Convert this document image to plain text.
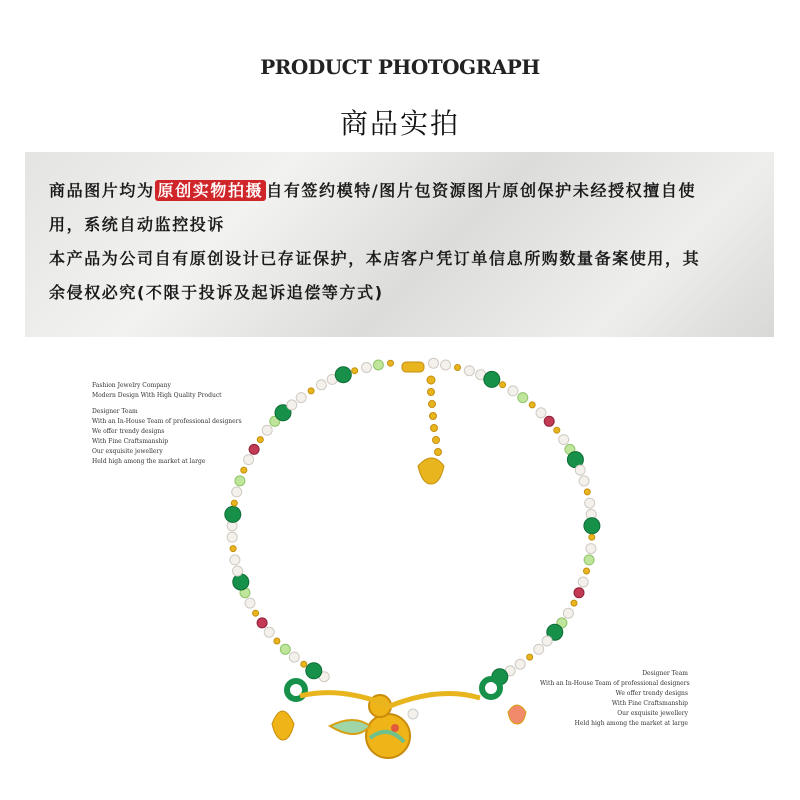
PRODUCT PHOTOGRAPH
商品实拍

商品图片均为 原创实物拍摄 自有签约模特/图片包资源图片原创保护未经授权擅自使

用，系统自动监控投诉

本产品为公司自有原创设计已存证保护，本店客户凭订单信息所购数量备案使用，其

余侵权必究(不限于投诉及起诉追偿等方式)

Fashion Jewelry Company
Modern Design With High Quality Product
Designer Team
With an In-House Team of professional designers
We offer trendy designs
With Fine Craftsmanship
Our exquisite jewellery
Held high among the market at large
Designer Team
With an In-House Team of professional designers
We offer trendy designs
With Fine Craftsmanship
Our exquisite jewellery
Held high among the market at large
